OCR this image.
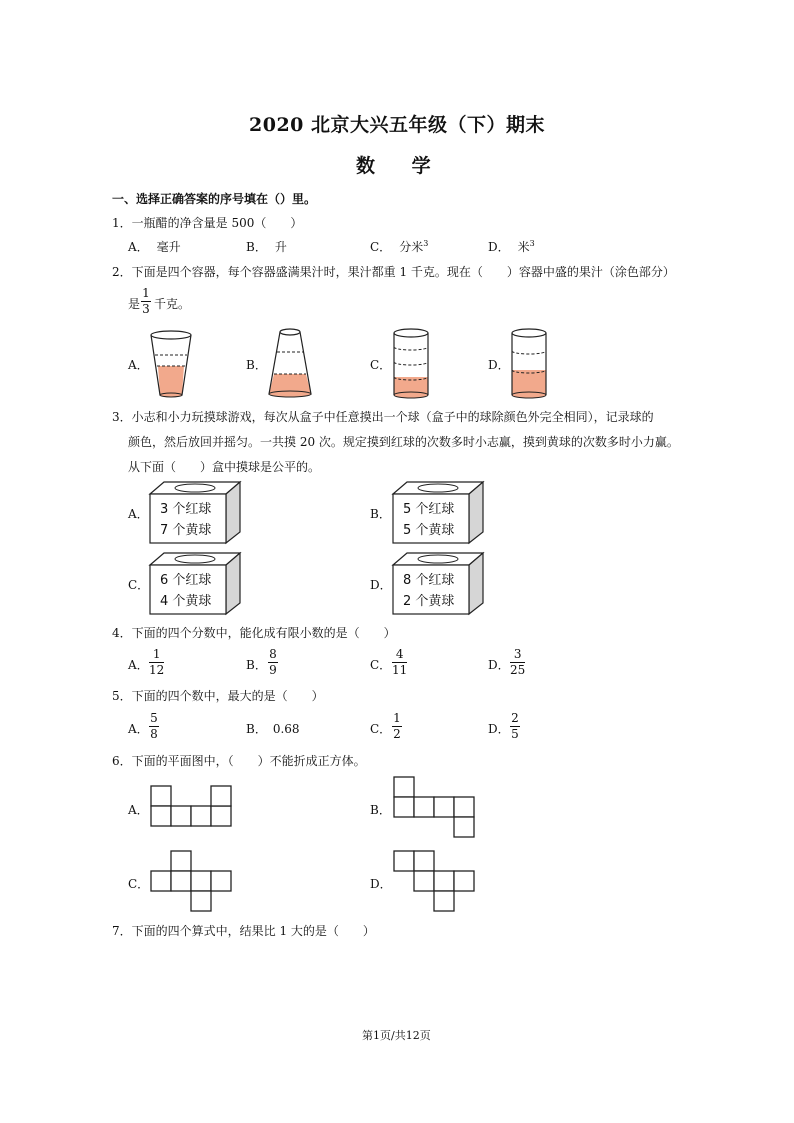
2020 北京大兴五年级（下）期末
数 学
一、选择正确答案的序号填在（）里。
1．一瓶醋的净含量是 500（　　）
A． 毫升	B． 升	C． 分米$^3$	D． 米$^3$
2．下面是四个容器，每个容器盛满果汁时，果汁都重 1 千克。现在（　　）容器中盛的果汁（涂色部分）
是
1
3 千克。
A．	B．	C．	D．
3．小志和小力玩摸球游戏，每次从盒子中任意摸出一个球（盒子中的球除颜色外完全相同），记录球的
颜色，然后放回并摇匀。一共摸 20 次。规定摸到红球的次数多时小志赢，摸到黄球的次数多时小力赢。
从下面（　　）盒中摸球是公平的。
A． 3 个红球
7 个黄球
B． 5 个红球
5 个黄球
C． 6 个红球
4 个黄球
D． 8 个红球
2 个黄球
4．下面的四个分数中，能化成有限小数的是（　　）
A．
1
12	B．
8
9	C．
4
11	D．
3
25
5．下面的四个数中，最大的是（　　）
A．
5
8	B． 0.68	C．
1
2	D．
2
5
6．下面的平面图中，（　　）不能折成正方体。
A．	B．
C．	D．
7．下面的四个算式中，结果比 1 大的是（　　）
第1页/共12页
